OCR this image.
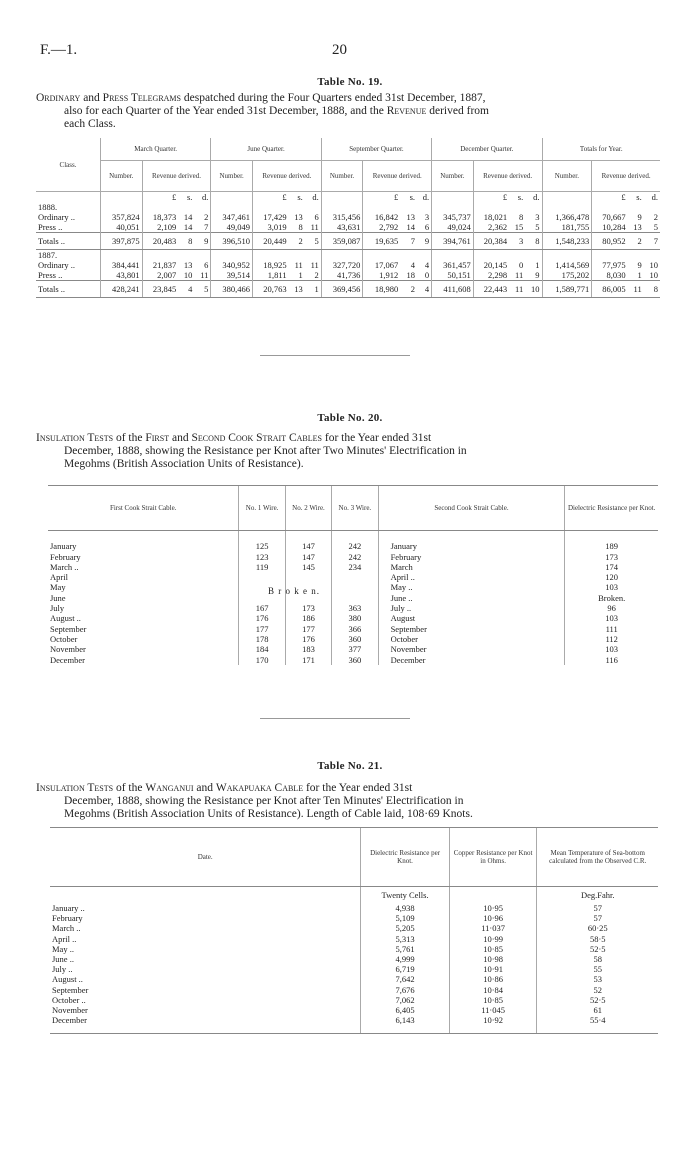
F.—1.	20
Table No. 19.
Ordinary and Press Telegrams despatched during the Four Quarters ended 31st December, 1887,
also for each Quarter of the Year ended 31st December, 1888, and the Revenue derived from
each Class.
Class.	March Quarter.				June Quarter.				September Quarter.				December Quarter.				Totals for Year.			
	Number.	Revenue derived.			Number.	Revenue derived.			Number.	Revenue derived.			Number.	Revenue derived.			Number.	Revenue derived.		
		£	s.	d.		£	s.	d.		£	s.	d.		£	s.	d.		£	s.	d.
1888.																				
Ordinary ..	357,824	18,373	14	2	347,461	17,429	13	6	315,456	16,842	13	3	345,737	18,021	8	3	1,366,478	70,667	9	2
Press ..	40,051	2,109	14	7	49,049	3,019	8	11	43,631	2,792	14	6	49,024	2,362	15	5	181,755	10,284	13	5
Totals ..	397,875	20,483	8	9	396,510	20,449	2	5	359,087	19,635	7	9	394,761	20,384	3	8	1,548,233	80,952	2	7
1887.																				
Ordinary ..	384,441	21,837	13	6	340,952	18,925	11	11	327,720	17,067	4	4	361,457	20,145	0	1	1,414,569	77,975	9	10
Press ..	43,801	2,007	10	11	39,514	1,811	1	2	41,736	1,912	18	0	50,151	2,298	11	9	175,202	8,030	1	10
Totals ..	428,241	23,845	4	5	380,466	20,763	13	1	369,456	18,980	2	4	411,608	22,443	11	10	1,589,771	86,005	11	8
Table No. 20.
Insulation Tests of the First and Second Cook Strait Cables for the Year ended 31st
December, 1888, showing the Resistance per Knot after Two Minutes' Electrification in
Megohms (British Association Units of Resistance).
First Cook Strait Cable.	No. 1 Wire.	No. 2 Wire.	No. 3 Wire.	Second Cook Strait Cable.	Dielectric Resistance per Knot.

January	125	147	242	January	189
February	123	147	242	February	173
March ..	119	145	234	March	174
April				April ..	120
May				May ..	103
June				June ..	Broken.
July	167	173	363	July ..	96
August ..	176	186	380	August	103
September	177	177	366	September	111
October	178	176	360	October	112
November	184	183	377	November	103
December	170	171	360	December	116
B r o k e n.
Table No. 21.
Insulation Tests of the Wanganui and Wakapuaka Cable for the Year ended 31st
December, 1888, showing the Resistance per Knot after Ten Minutes' Electrification in
Megohms (British Association Units of Resistance). Length of Cable laid, 108·69 Knots.
Date.	Dielectric Resistance per Knot.	Copper Resistance per Knot in Ohms.	Mean Temperature of Sea-bottom calculated from the Observed C.R.
	Twenty Cells.		Deg.Fahr.
January ..	4,938	10·95	57
February	5,109	10·96	57
March ..	5,205	11·037	60·25
April ..	5,313	10·99	58·5
May ..	5,761	10·85	52·5
June ..	4,999	10·98	58
July ..	6,719	10·91	55
August ..	7,642	10·86	53
September	7,676	10·84	52
October ..	7,062	10·85	52·5
November	6,405	11·045	61
December	6,143	10·92	55·4
